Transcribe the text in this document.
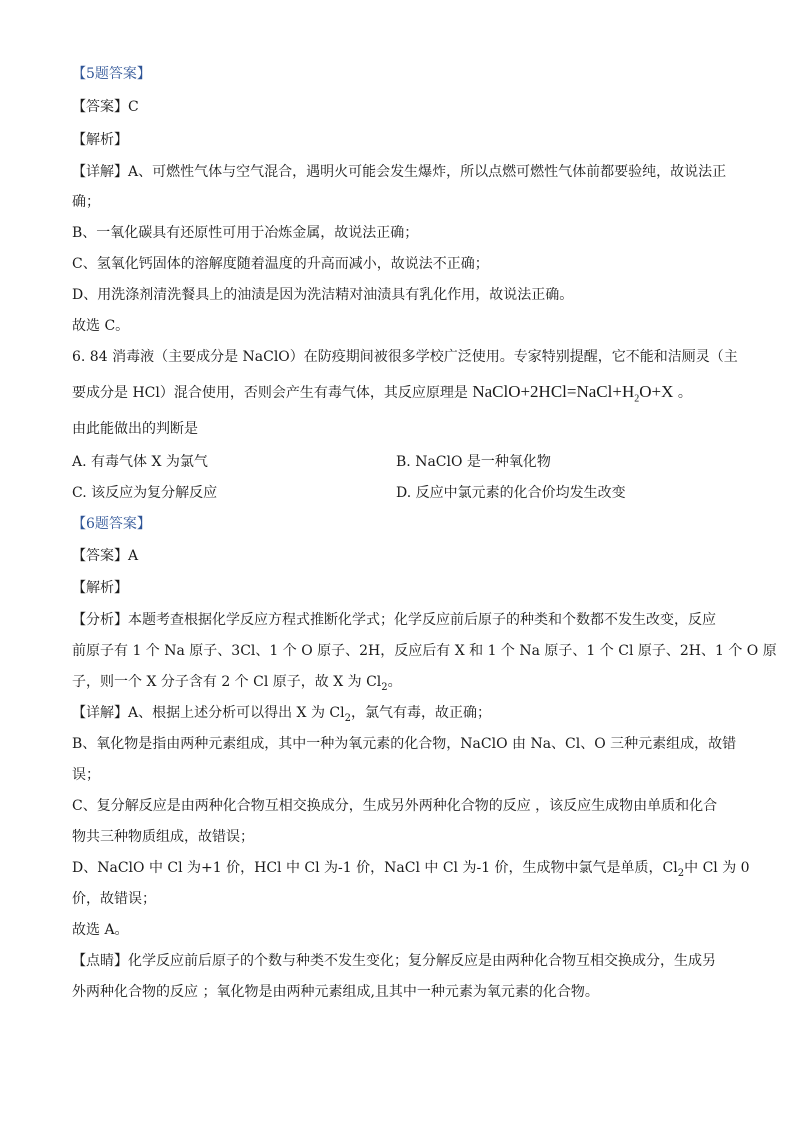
【5题答案】
【答案】C
【解析】
【详解】A、可燃性气体与空气混合，遇明火可能会发生爆炸，所以点燃可燃性气体前都要验纯，故说法正
确；
B、一氧化碳具有还原性可用于冶炼金属，故说法正确；
C、氢氧化钙固体的溶解度随着温度的升高而减小，故说法不正确；
D、用洗涤剂清洗餐具上的油渍是因为洗洁精对油渍具有乳化作用，故说法正确。
故选 C。
6. 84 消毒液（主要成分是 NaClO）在防疫期间被很多学校广泛使用。专家特别提醒，它不能和洁厕灵（主
要成分是 HCl）混合使用，否则会产生有毒气体，其反应原理是 $NaClO+2HCl=NaCl+H_2O+X$ 。
由此能做出的判断是
A. 有毒气体 X 为氯气	B. NaClO 是一种氧化物
C. 该反应为复分解反应	D. 反应中氯元素的化合价均发生改变
【6题答案】
【答案】A
【解析】
【分析】本题考查根据化学反应方程式推断化学式；化学反应前后原子的种类和个数都不发生改变，反应
前原子有 1 个 Na 原子、3Cl、1 个 O 原子、2H，反应后有 X 和 1 个 Na 原子、1 个 Cl 原子、2H、1 个 O 原
子，则一个 X 分子含有 2 个 Cl 原子，故 X 为 $Cl_2$。
【详解】A、根据上述分析可以得出 X 为 $Cl_2$，氯气有毒，故正确；
B、氧化物是指由两种元素组成，其中一种为氧元素的化合物，NaClO 由 Na、Cl、O 三种元素组成，故错
误；
C、复分解反应是由两种化合物互相交换成分，生成另外两种化合物的反应 ，该反应生成物由单质和化合
物共三种物质组成，故错误；
D、NaClO 中 Cl 为+1 价，HCl 中 Cl 为-1 价，NaCl 中 Cl 为-1 价，生成物中氯气是单质，$Cl_2$中 Cl 为 0
价，故错误；
故选 A。
【点睛】化学反应前后原子的个数与种类不发生变化；复分解反应是由两种化合物互相交换成分，生成另
外两种化合物的反应 ；氧化物是由两种元素组成,且其中一种元素为氧元素的化合物。
